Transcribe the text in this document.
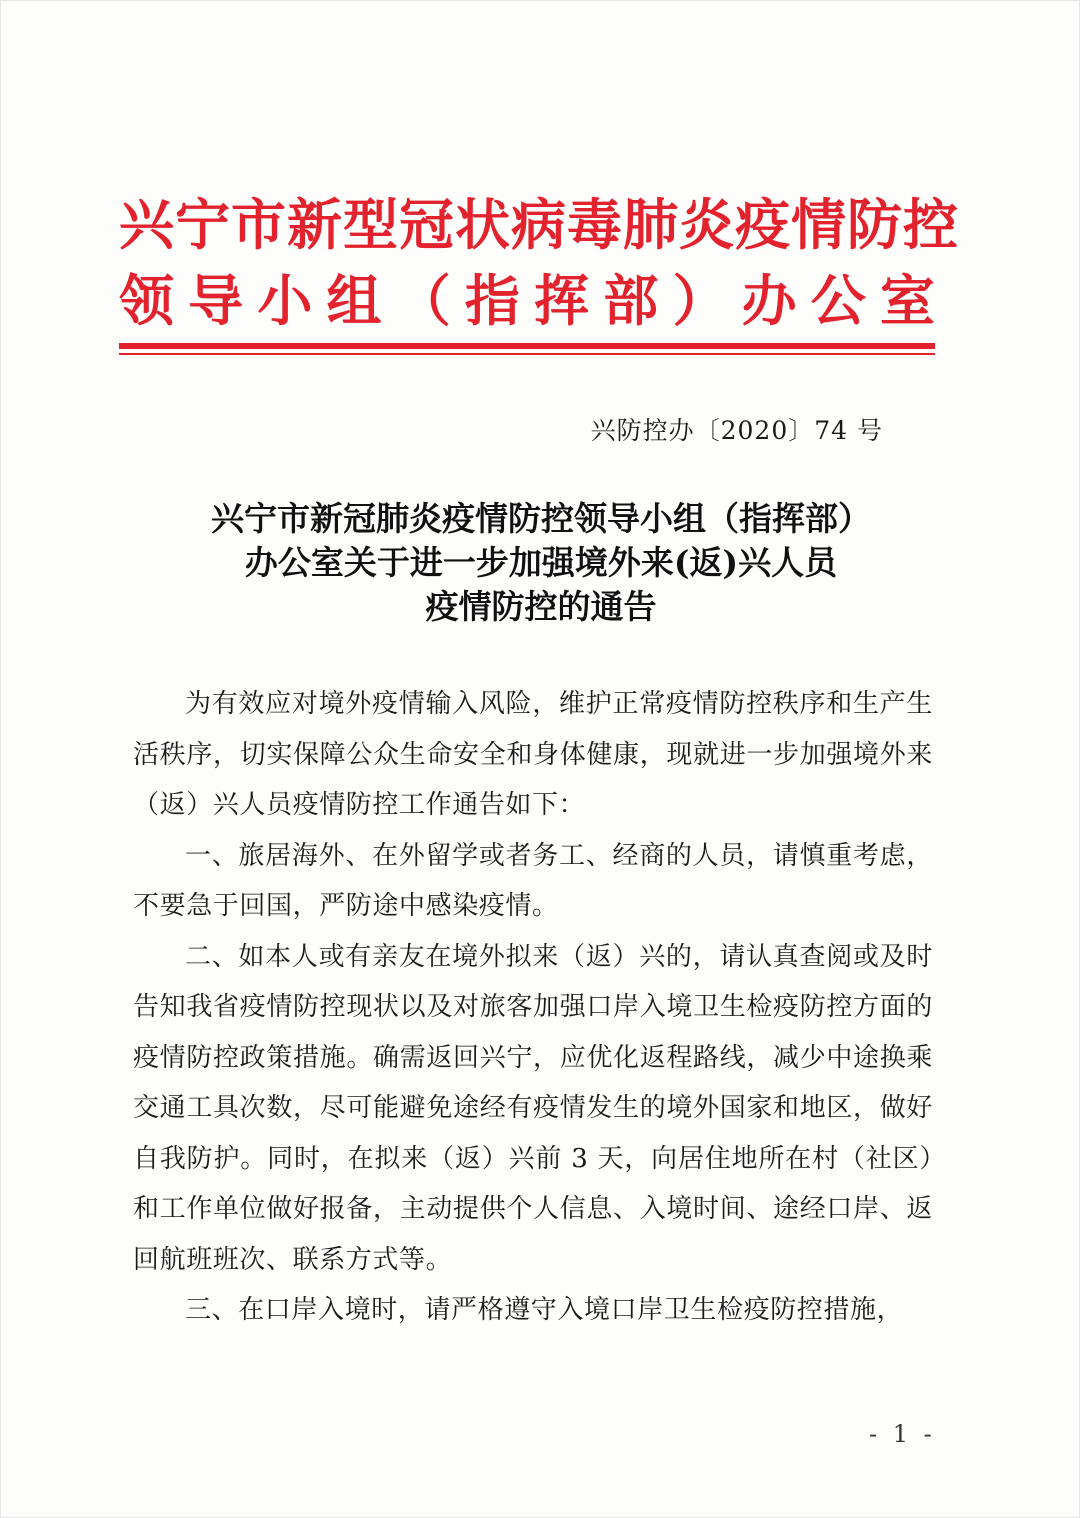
兴宁市新型冠状病毒肺炎疫情防控
领导小组（指挥部）办公室
兴防控办〔2020〕74 号
兴宁市新冠肺炎疫情防控领导小组（指挥部）
办公室关于进一步加强境外来(返)兴人员
疫情防控的通告

为有效应对境外疫情输入风险，维护正常疫情防控秩序和生产生活秩序，切实保障公众生命安全和身体健康，现就进一步加强境外来（返）兴人员疫情防控工作通告如下：

一、旅居海外、在外留学或者务工、经商的人员，请慎重考虑，不要急于回国，严防途中感染疫情。

二、如本人或有亲友在境外拟来（返）兴的，请认真查阅或及时告知我省疫情防控现状以及对旅客加强口岸入境卫生检疫防控方面的疫情防控政策措施。确需返回兴宁，应优化返程路线，减少中途换乘交通工具次数，尽可能避免途经有疫情发生的境外国家和地区，做好自我防护。同时，在拟来（返）兴前 3 天，向居住地所在村（社区）和工作单位做好报备，主动提供个人信息、入境时间、途经口岸、返回航班班次、联系方式等。

三、在口岸入境时，请严格遵守入境口岸卫生检疫防控措施，

- 1 -
